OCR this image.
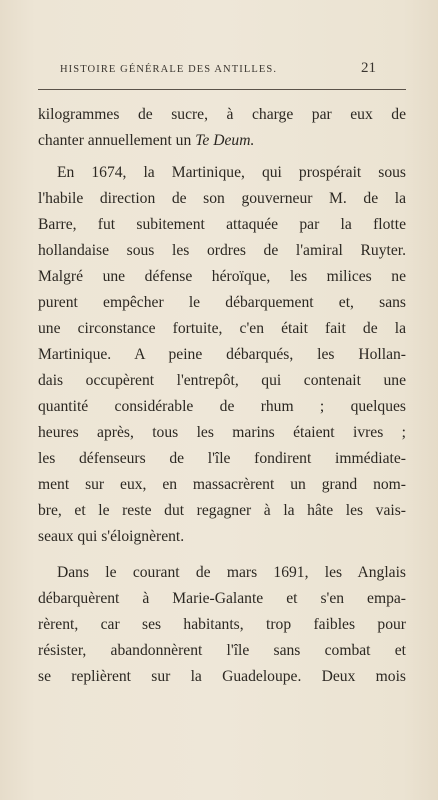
HISTOIRE GÉNÉRALE DES ANTILLES.	21
kilogrammes de sucre, à charge par eux de
chanter annuellement un Te Deum.
En 1674, la Martinique, qui prospérait sous
l'habile direction de son gouverneur M. de la
Barre, fut subitement attaquée par la flotte
hollandaise sous les ordres de l'amiral Ruyter.
Malgré une défense héroïque, les milices ne
purent empêcher le débarquement et, sans
une circonstance fortuite, c'en était fait de la
Martinique. A peine débarqués, les Hollan-
dais occupèrent l'entrepôt, qui contenait une
quantité considérable de rhum ; quelques
heures après, tous les marins étaient ivres ;
les défenseurs de l'île fondirent immédiate-
ment sur eux, en massacrèrent un grand nom-
bre, et le reste dut regagner à la hâte les vais-
seaux qui s'éloignèrent.
Dans le courant de mars 1691, les Anglais
débarquèrent à Marie-Galante et s'en empa-
rèrent, car ses habitants, trop faibles pour
résister, abandonnèrent l'île sans combat et
se replièrent sur la Guadeloupe. Deux mois
